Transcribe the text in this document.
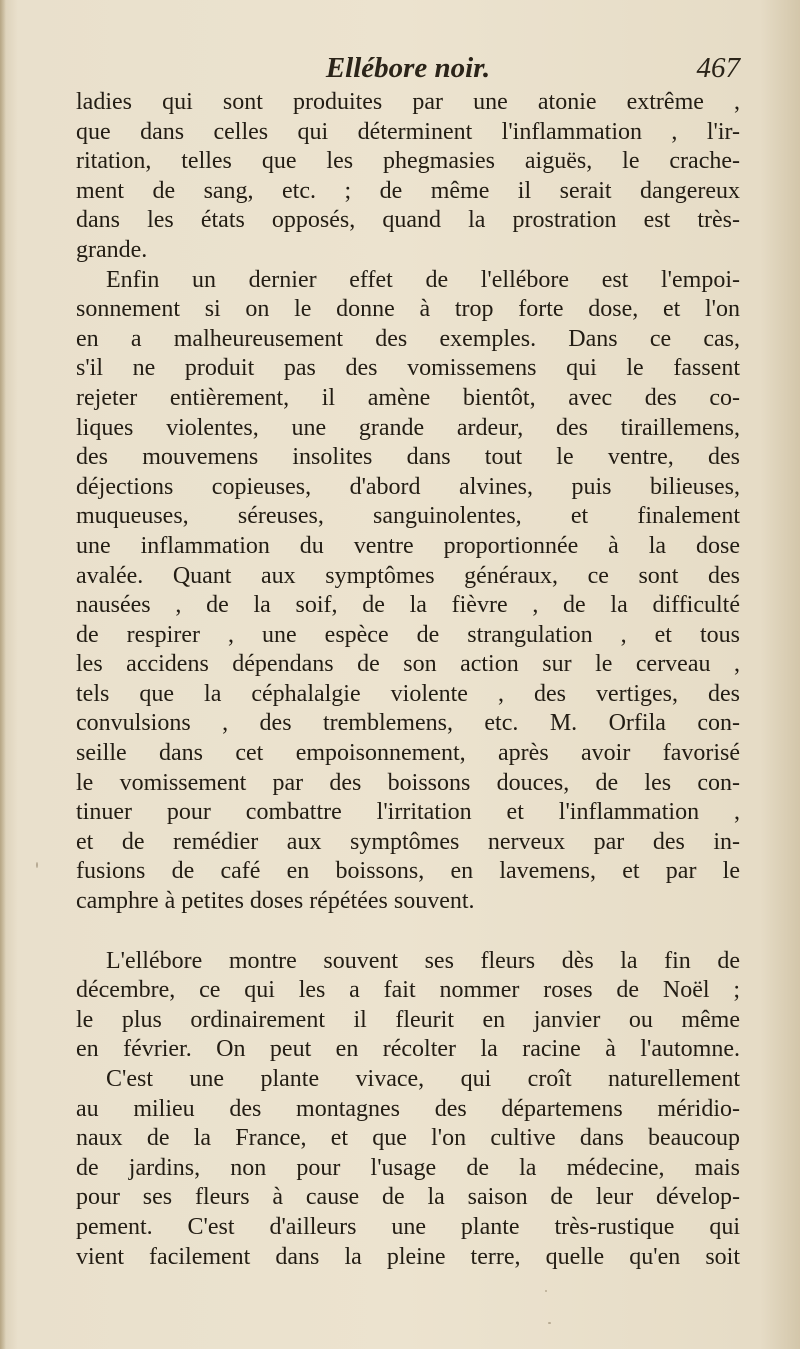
Ellébore noir.	467
ladies qui sont produites par une atonie extrême ,
que dans celles qui déterminent l'inflammation , l'ir-
ritation, telles que les phegmasies aiguës, le crache-
ment de sang, etc. ; de même il serait dangereux
dans les états opposés, quand la prostration est très-
grande.
Enfin un dernier effet de l'ellébore est l'empoi-
sonnement si on le donne à trop forte dose, et l'on
en a malheureusement des exemples. Dans ce cas,
s'il ne produit pas des vomissemens qui le fassent
rejeter entièrement, il amène bientôt, avec des co-
liques violentes, une grande ardeur, des tiraillemens,
des mouvemens insolites dans tout le ventre, des
déjections copieuses, d'abord alvines, puis bilieuses,
muqueuses, séreuses, sanguinolentes, et finalement
une inflammation du ventre proportionnée à la dose
avalée. Quant aux symptômes généraux, ce sont des
nausées , de la soif, de la fièvre , de la difficulté
de respirer , une espèce de strangulation , et tous
les accidens dépendans de son action sur le cerveau ,
tels que la céphalalgie violente , des vertiges, des
convulsions , des tremblemens, etc. M. Orfila con-
seille dans cet empoisonnement, après avoir favorisé
le vomissement par des boissons douces, de les con-
tinuer pour combattre l'irritation et l'inflammation ,
et de remédier aux symptômes nerveux par des in-
fusions de café en boissons, en lavemens, et par le
camphre à petites doses répétées souvent.
L'ellébore montre souvent ses fleurs dès la fin de
décembre, ce qui les a fait nommer roses de Noël ;
le plus ordinairement il fleurit en janvier ou même
en février. On peut en récolter la racine à l'automne.
C'est une plante vivace, qui croît naturellement
au milieu des montagnes des départemens méridio-
naux de la France, et que l'on cultive dans beaucoup
de jardins, non pour l'usage de la médecine, mais
pour ses fleurs à cause de la saison de leur dévelop-
pement. C'est d'ailleurs une plante très-rustique qui
vient facilement dans la pleine terre, quelle qu'en soit
